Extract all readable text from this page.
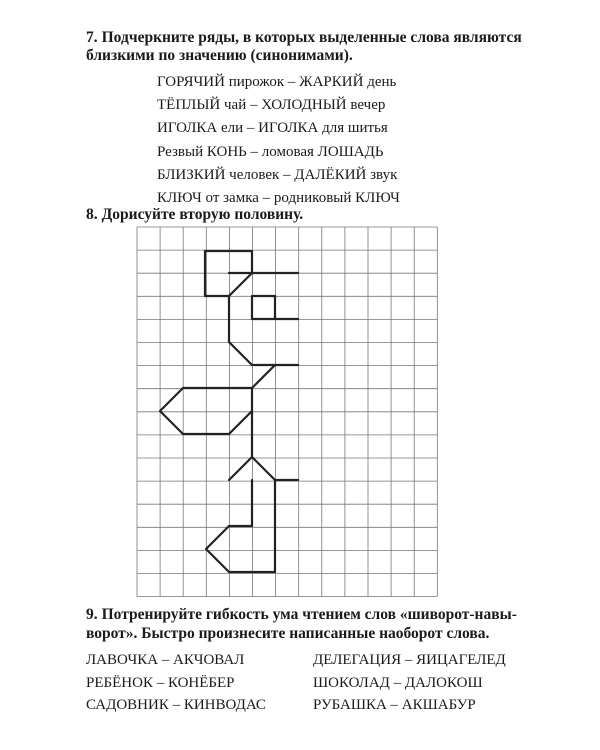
7. Подчеркните ряды, в которых выделенные слова являются
близкими по значению (синонимами).
ГОРЯЧИЙ пирожок – ЖАРКИЙ день
ТЁПЛЫЙ чай – ХОЛОДНЫЙ вечер
ИГОЛКА ели – ИГОЛКА для шитья
Резвый КОНЬ – ломовая ЛОШАДЬ
БЛИЗКИЙ человек – ДАЛЁКИЙ звук
КЛЮЧ от замка – родниковый КЛЮЧ
8. Дорисуйте вторую половину.
9. Потренируйте гибкость ума чтением слов «шиворот-навы-
ворот». Быстро произнесите написанные наоборот слова.
ЛАВОЧКА – АКЧОВАЛ
РЕБЁНОК – КОНЁБЕР
САДОВНИК – КИНВОДАС
ДЕЛЕГАЦИЯ – ЯИЦАГЕЛЕД
ШОКОЛАД – ДАЛОКОШ
РУБАШКА – АКШАБУР
